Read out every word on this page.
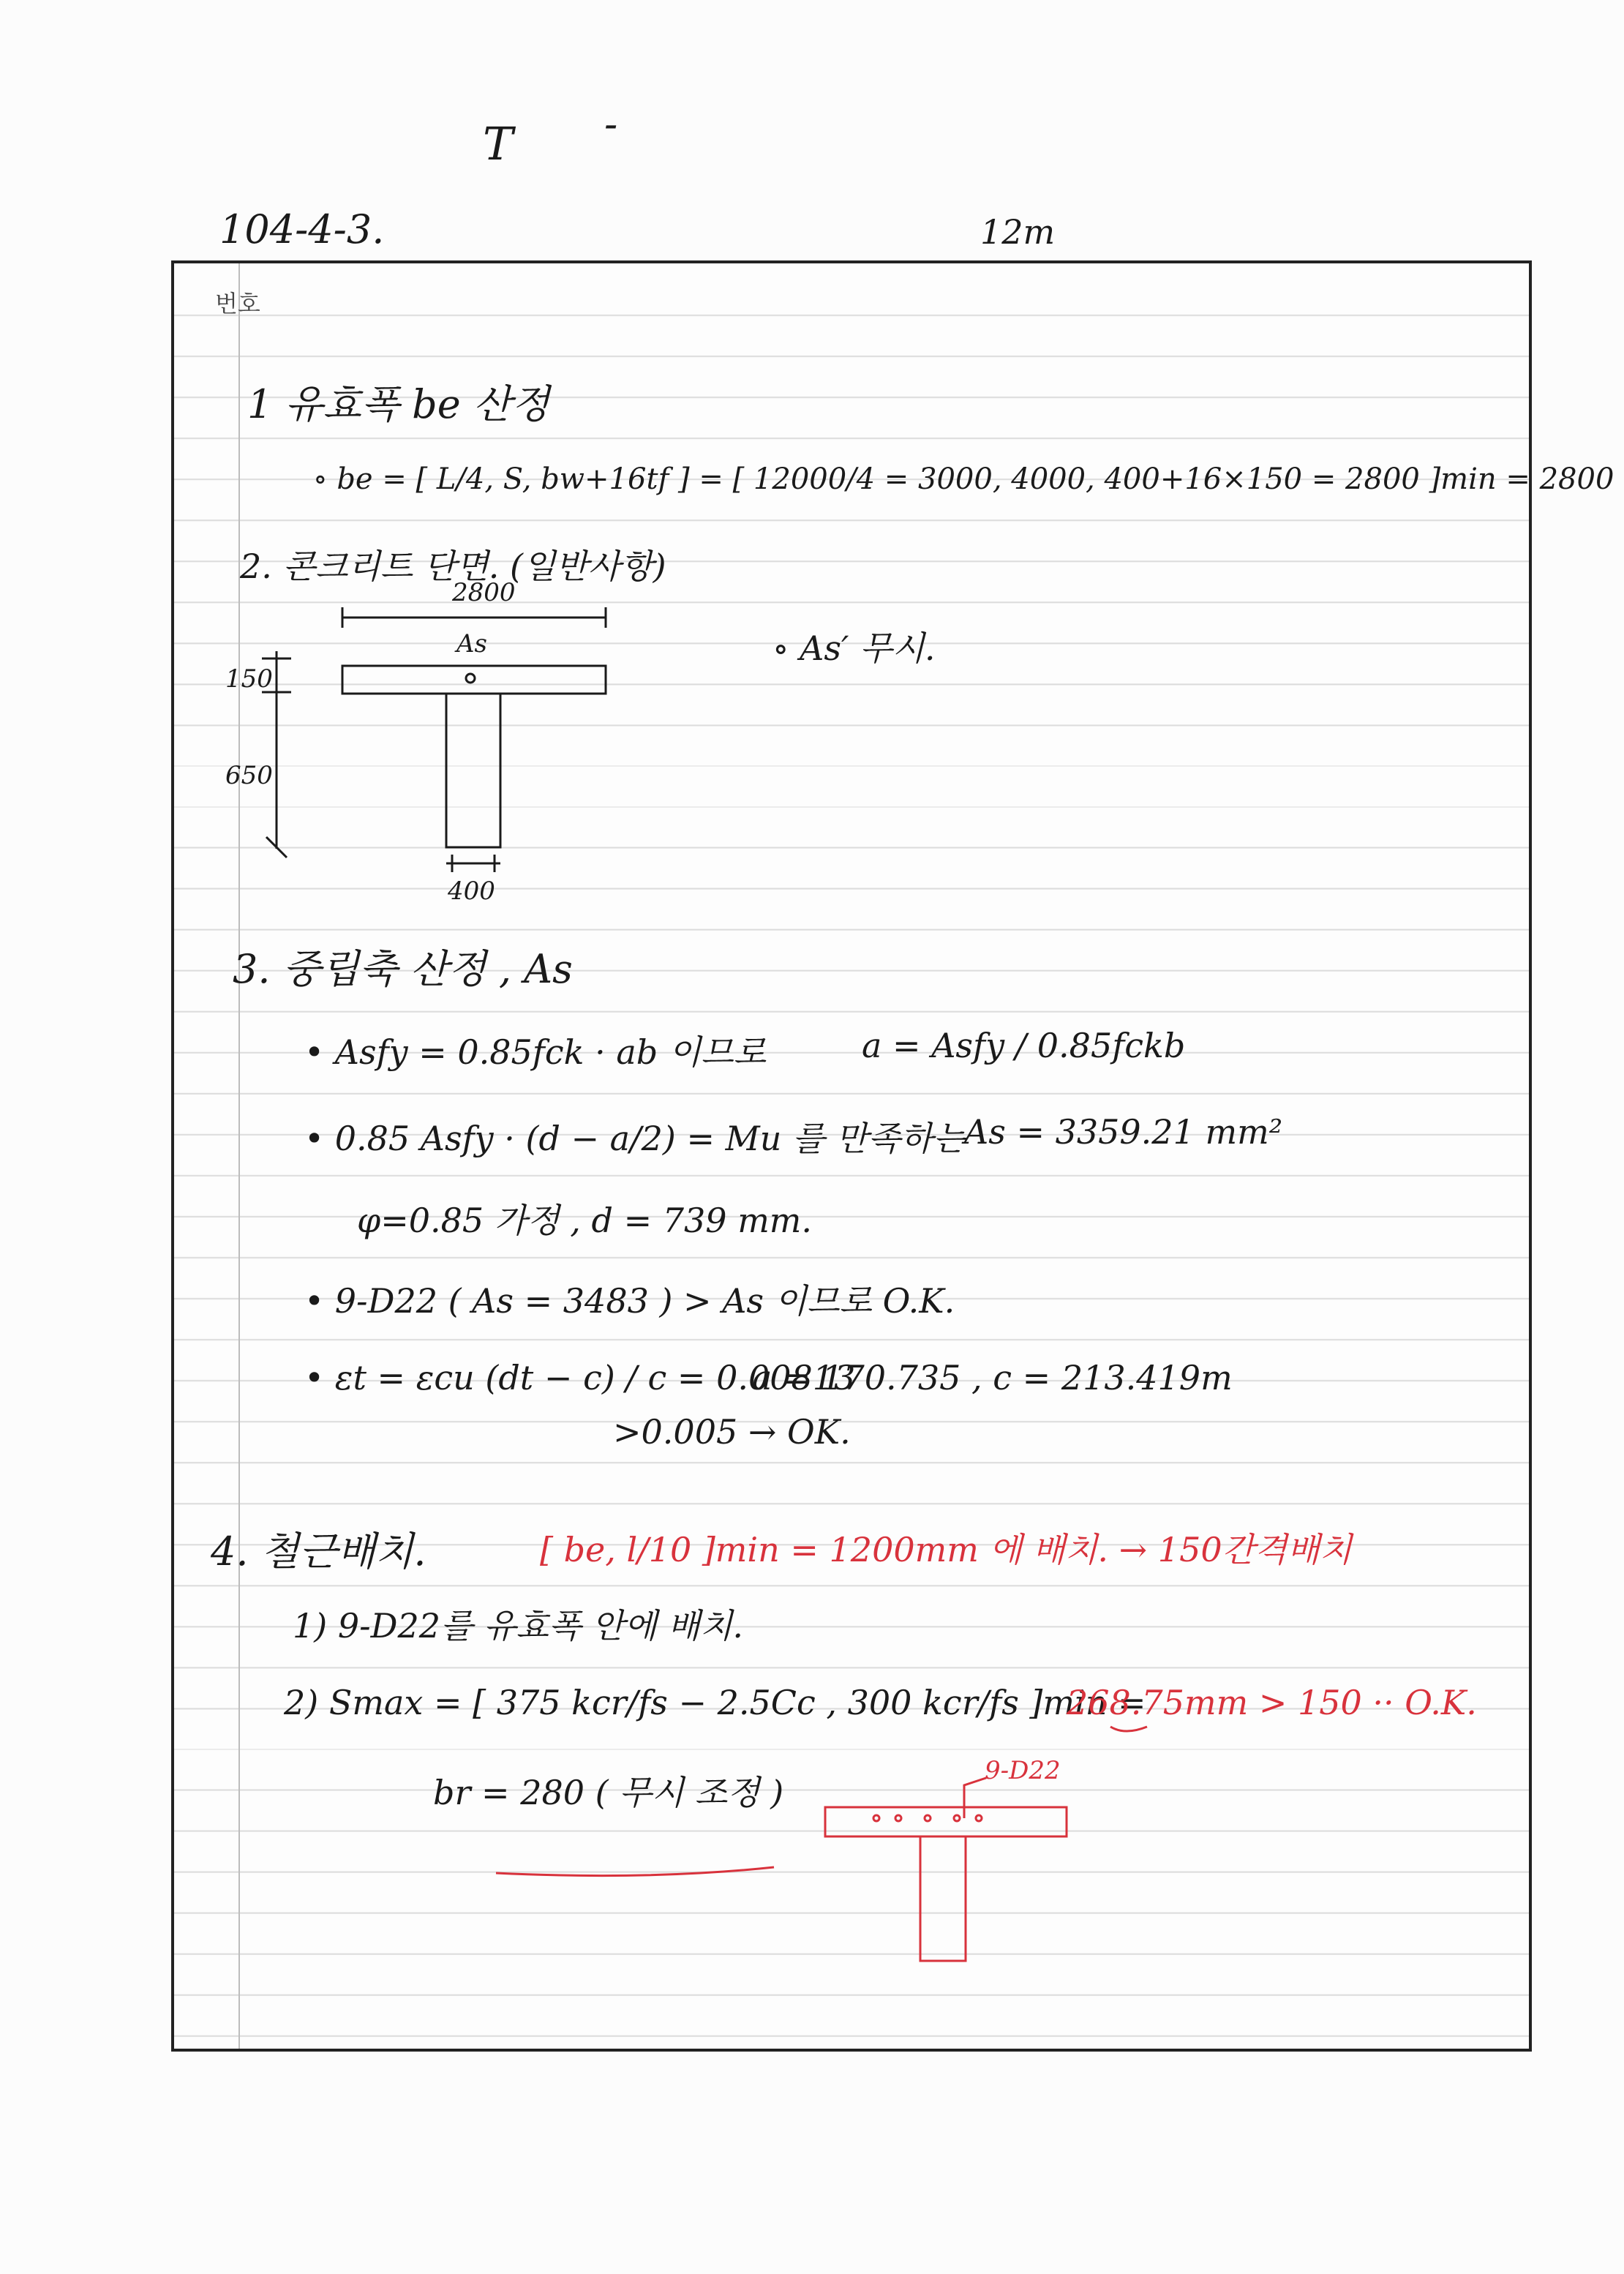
T -
104-4-3.	12m
번호
1 유효폭 be 산정
∘ be = [ L/4, S, bw+16tf ] = [ 12000/4 = 3000, 4000, 400+16×150 = 2800 ]min = 2800
2. 콘크리트 단면. (일반사항)
∘ As′ 무시.
2800
150
650
400
As
3. 중립축 산정 , As
• Asfy = 0.85fck · ab 이므로	a = Asfy / 0.85fckb
• 0.85 Asfy · (d − a/2) = Mu 를 만족하는
As = 3359.21 mm²
φ=0.85 가정 , d = 739 mm.
• 9-D22 ( As = 3483 ) > As 이므로 O.K.
• εt = εcu (dt − c) / c = 0.00813
a = 170.735 , c = 213.419m
>0.005 → OK.
4. 철근배치.	[ be, l/10 ]min = 1200mm 에 배치. → 150간격배치
1) 9-D22를 유효폭 안에 배치.
2) Smax = [ 375 kcr/fs − 2.5Cc , 300 kcr/fs ]min =
268.75mm > 150 ·· O.K.
br = 280 ( 무시 조정 )
9-D22
